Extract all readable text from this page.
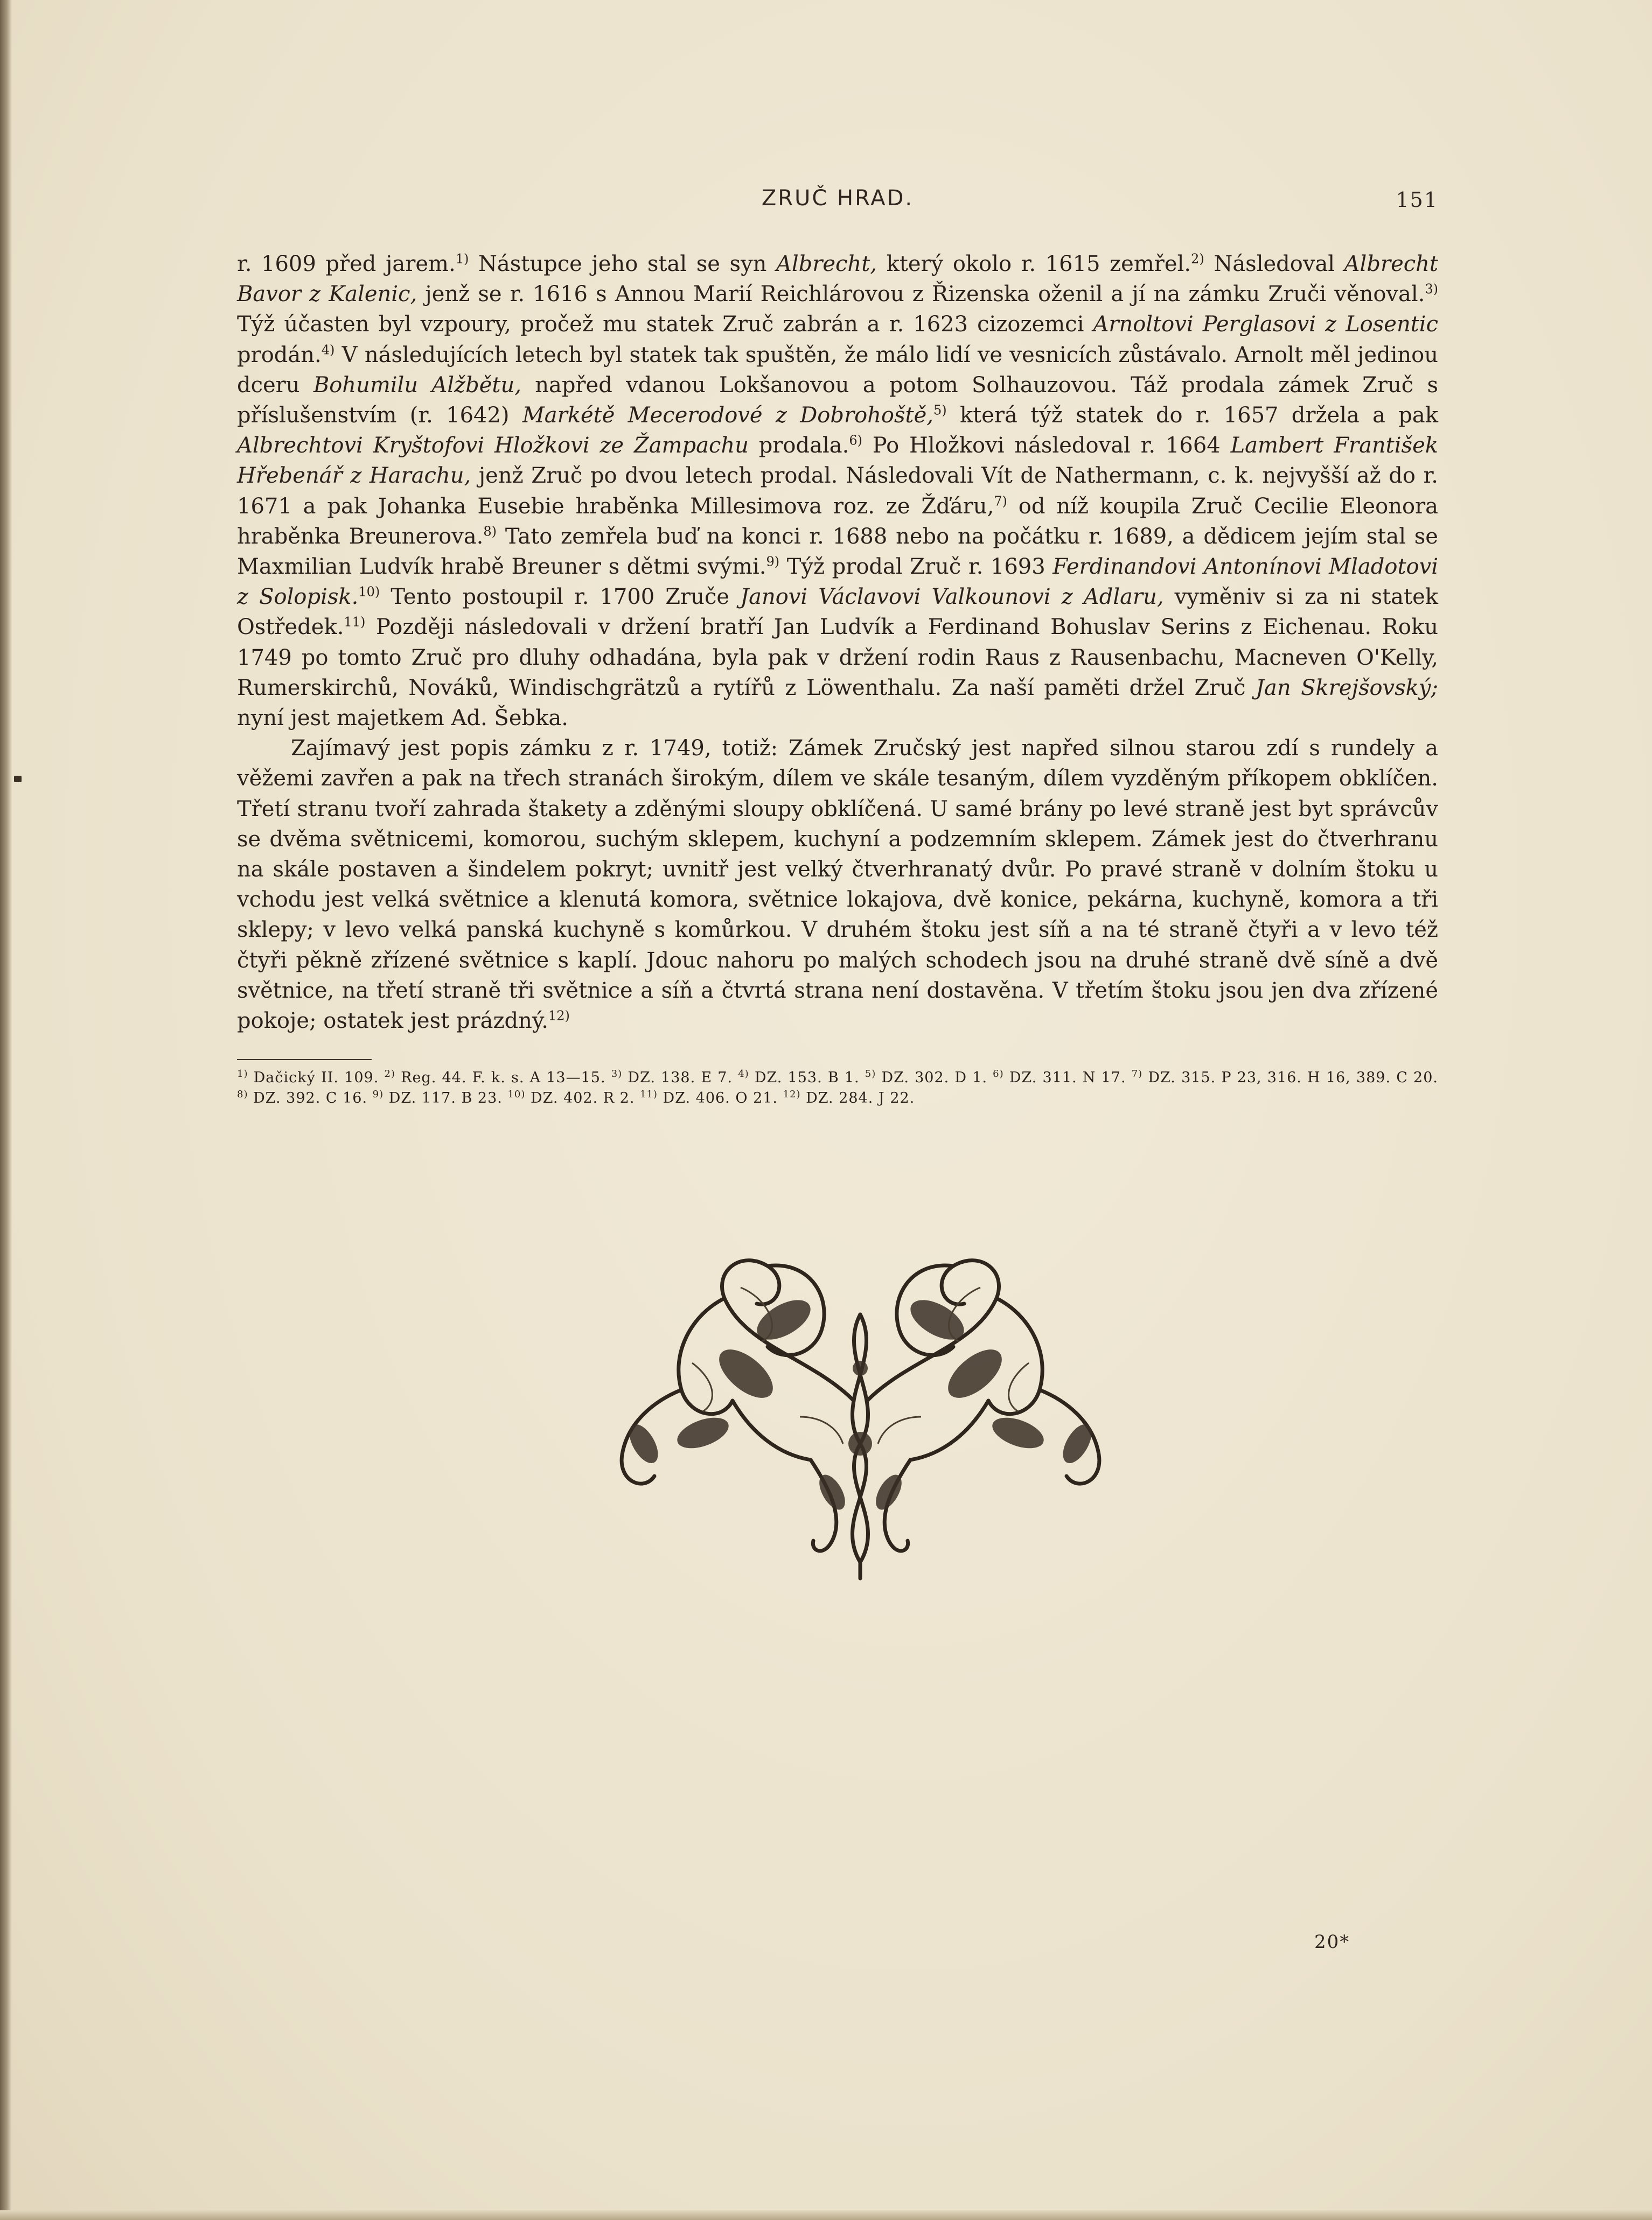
ZRUČ HRAD.	151

r. 1609 před jarem.$^{1)}$ Nástupce jeho stal se syn Albrecht, který okolo r. 1615 zemřel.$^{2)}$ Následoval Albrecht Bavor z Kalenic, jenž se r. 1616 s Annou Marií Reichlárovou z Řizenska oženil a jí na zámku Zruči věnoval.$^{3)}$ Týž účasten byl vzpoury, pročež mu statek Zruč zabrán a r. 1623 cizozemci Arnoltovi Perglasovi z Losentic prodán.$^{4)}$ V následujících letech byl statek tak spuštěn, že málo lidí ve vesnicích zůstávalo. Arnolt měl jedinou dceru Bohumilu Alžbětu, napřed vdanou Lokšanovou a potom Solhauzovou. Táž prodala zámek Zruč s příslušenstvím (r. 1642) Markétě Mecerodové z Dobrohoště,$^{5)}$ která týž statek do r. 1657 držela a pak Albrechtovi Kryštofovi Hložkovi ze Žampachu prodala.$^{6)}$ Po Hložkovi následoval r. 1664 Lambert František Hřebenář z Harachu, jenž Zruč po dvou letech prodal. Následovali Vít de Nathermann, c. k. nejvyšší až do r. 1671 a pak Johanka Eusebie hraběnka Millesimova roz. ze Žďáru,$^{7)}$ od níž koupila Zruč Cecilie Eleonora hraběnka Breunerova.$^{8)}$ Tato zemřela buď na konci r. 1688 nebo na počátku r. 1689, a dědicem jejím stal se Maxmilian Ludvík hrabě Breuner s dětmi svými.$^{9)}$ Týž prodal Zruč r. 1693 Ferdinandovi Antonínovi Mladotovi z Solopisk.$^{10)}$ Tento postoupil r. 1700 Zruče Janovi Václavovi Valkounovi z Adlaru, vyměniv si za ni statek Ostředek.$^{11)}$ Později následovali v držení bratří Jan Ludvík a Ferdinand Bohuslav Serins z Eichenau. Roku 1749 po tomto Zruč pro dluhy odhadána, byla pak v držení rodin Raus z Rausenbachu, Macneven O'Kelly, Rumerskirchů, Nováků, Windischgrätzů a rytířů z Löwenthalu. Za naší paměti držel Zruč Jan Skrejšovský; nyní jest majetkem Ad. Šebka.

Zajímavý jest popis zámku z r. 1749, totiž: Zámek Zručský jest napřed silnou starou zdí s rundely a věžemi zavřen a pak na třech stranách širokým, dílem ve skále tesaným, dílem vyzděným příkopem obklíčen. Třetí stranu tvoří zahrada štakety a zděnými sloupy obklíčená. U samé brány po levé straně jest byt správcův se dvěma světnicemi, komorou, suchým sklepem, kuchyní a podzemním sklepem. Zámek jest do čtverhranu na skále postaven a šindelem pokryt; uvnitř jest velký čtverhranatý dvůr. Po pravé straně v dolním štoku u vchodu jest velká světnice a klenutá komora, světnice lokajova, dvě konice, pekárna, kuchyně, komora a tři sklepy; v levo velká panská kuchyně s komůrkou. V druhém štoku jest síň a na té straně čtyři a v levo též čtyři pěkně zřízené světnice s kaplí. Jdouc nahoru po malých schodech jsou na druhé straně dvě síně a dvě světnice, na třetí straně tři světnice a síň a čtvrtá strana není dostavěna. V třetím štoku jsou jen dva zřízené pokoje; ostatek jest prázdný.$^{12)}$

$^{1)}$ Dačický II. 109. $^{2)}$ Reg. 44. F. k. s. A 13—15. $^{3)}$ DZ. 138. E 7. $^{4)}$ DZ. 153. B 1. $^{5)}$ DZ. 302. D 1. $^{6)}$ DZ. 311. N 17. $^{7)}$ DZ. 315. P 23, 316. H 16, 389. C 20. $^{8)}$ DZ. 392. C 16. $^{9)}$ DZ. 117. B 23. $^{10)}$ DZ. 402. R 2. $^{11)}$ DZ. 406. O 21. $^{12)}$ DZ. 284. J 22.
20*
